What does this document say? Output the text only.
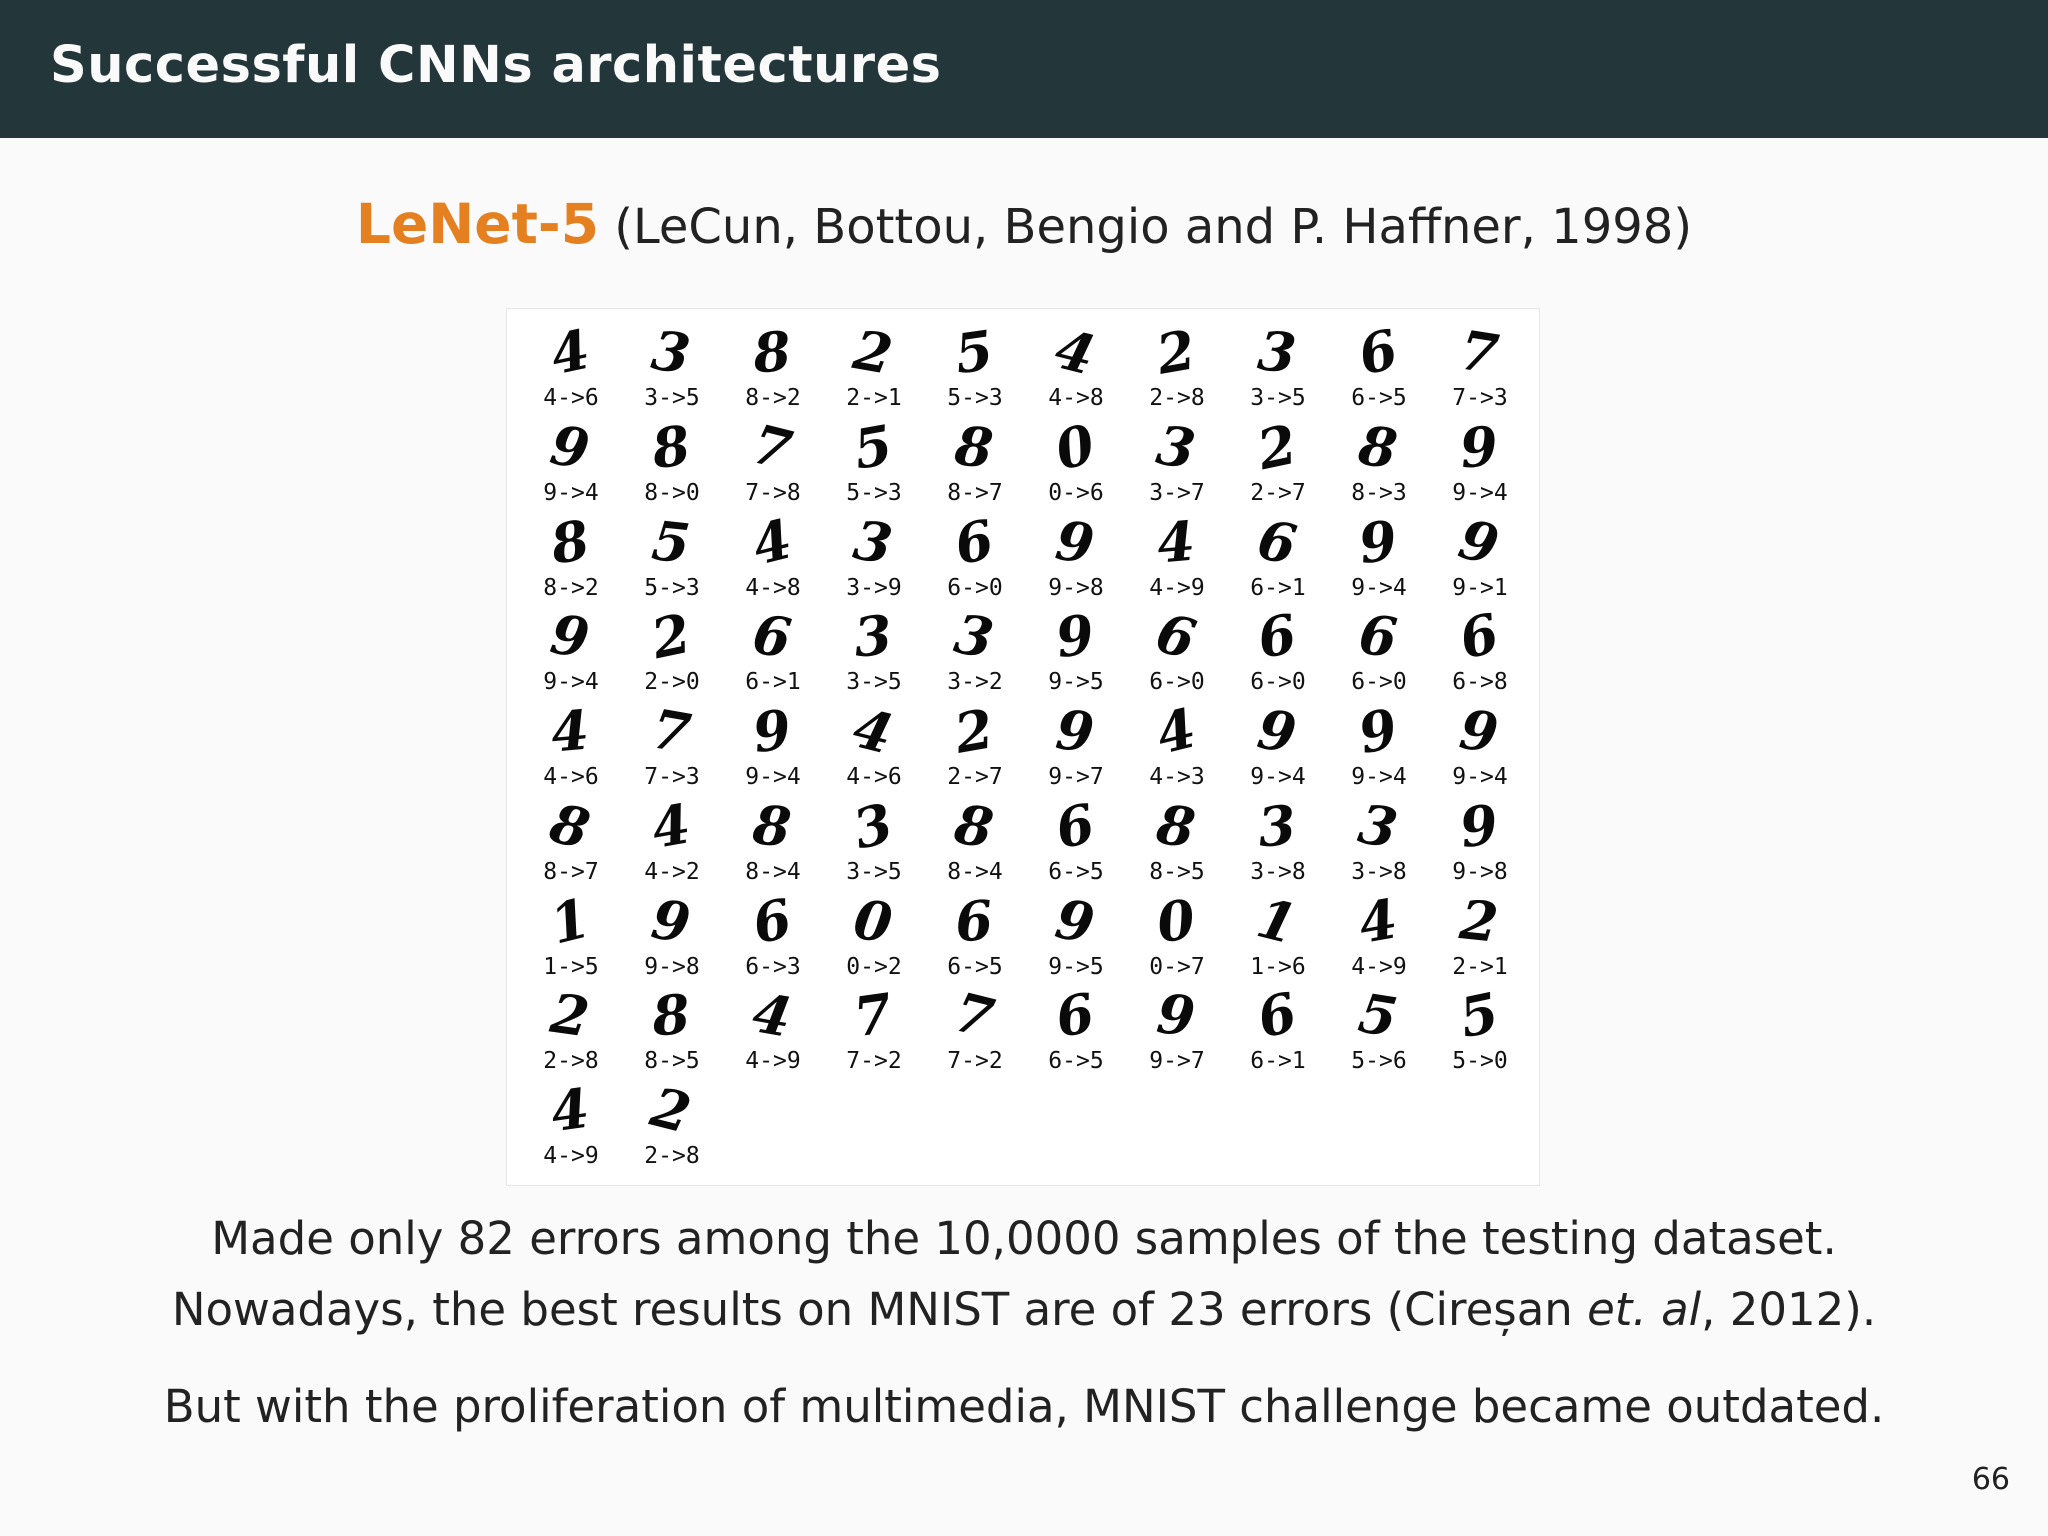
Successful CNNs architectures
LeNet-5 (LeCun, Bottou, Bengio and P. Haffner, 1998)
4
4->6
3
3->5
8
8->2
2
2->1
5
5->3
4
4->8
2
2->8
3
3->5
6
6->5
7
7->3
9
9->4
8
8->0
7
7->8
5
5->3
8
8->7
0
0->6
3
3->7
2
2->7
8
8->3
9
9->4
8
8->2
5
5->3
4
4->8
3
3->9
6
6->0
9
9->8
4
4->9
6
6->1
9
9->4
9
9->1
9
9->4
2
2->0
6
6->1
3
3->5
3
3->2
9
9->5
6
6->0
6
6->0
6
6->0
6
6->8
4
4->6
7
7->3
9
9->4
4
4->6
2
2->7
9
9->7
4
4->3
9
9->4
9
9->4
9
9->4
8
8->7
4
4->2
8
8->4
3
3->5
8
8->4
6
6->5
8
8->5
3
3->8
3
3->8
9
9->8
1
1->5
9
9->8
6
6->3
0
0->2
6
6->5
9
9->5
0
0->7
1
1->6
4
4->9
2
2->1
2
2->8
8
8->5
4
4->9
7
7->2
7
7->2
6
6->5
9
9->7
6
6->1
5
5->6
5
5->0
4
4->9
2
2->8
Made only 82 errors among the 10,0000 samples of the testing dataset.
Nowadays, the best results on MNIST are of 23 errors (Cireșan et. al, 2012).
But with the proliferation of multimedia, MNIST challenge became outdated.
66
